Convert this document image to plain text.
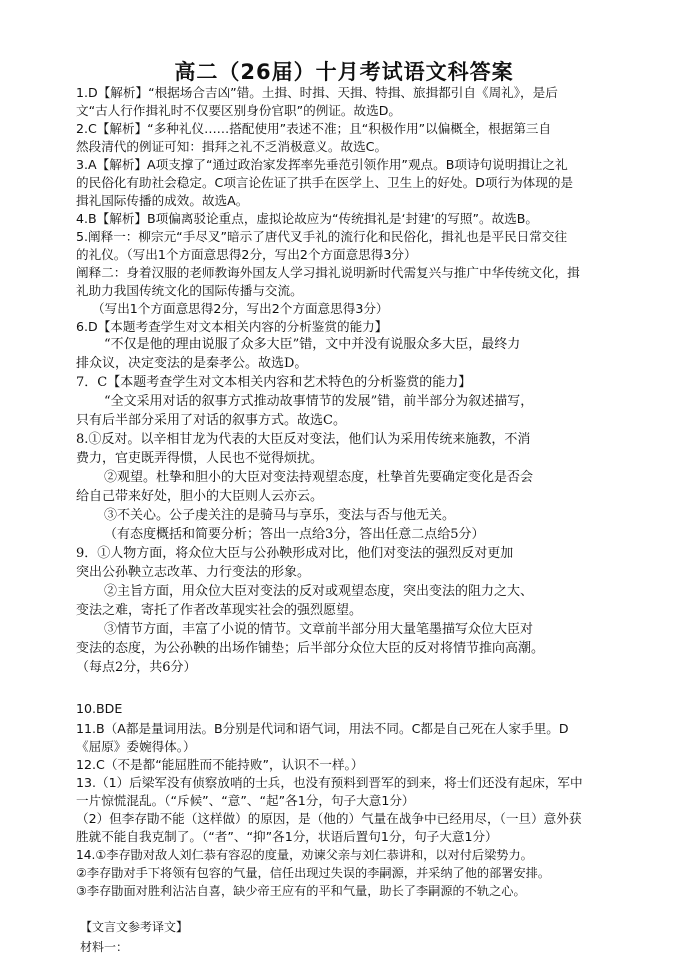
高二（26届）十月考试语文科答案
1.D【解析】“根据场合吉凶”错。土揖、时揖、天揖、特揖、旅揖都引自《周礼》，是后
文“古人行作揖礼时不仅要区别身份官职”的例证。故选D。
2.C【解析】“多种礼仪……搭配使用”表述不准；且“积极作用”以偏概全，根据第三自
然段清代的例证可知：揖拜之礼不乏消极意义。故选C。
3.A【解析】A项支撑了“通过政治家发挥率先垂范引领作用”观点。B项诗句说明揖让之礼
的民俗化有助社会稳定。C项言论佐证了拱手在医学上、卫生上的好处。D项行为体现的是
揖礼国际传播的成效。故选A。
4.B【解析】B项偏离驳论重点，虚拟论故应为“传统揖礼是‘封建’的写照”。故选B。
5.阐释一：柳宗元“手尽叉”暗示了唐代叉手礼的流行化和民俗化，揖礼也是平民日常交往
的礼仪。（写出1个方面意思得2分，写出2个方面意思得3分）
阐释二：身着汉服的老师教诲外国友人学习揖礼说明新时代需复兴与推广中华传统文化，揖
礼助力我国传统文化的国际传播与交流。
（写出1个方面意思得2分，写出2个方面意思得3分）
6.D【本题考查学生对文本相关内容的分析鉴赏的能力】
“不仅是他的理由说服了众多大臣”错，文中并没有说服众多大臣，最终力
排众议，决定变法的是秦孝公。故选D。
7．C【本题考查学生对文本相关内容和艺术特色的分析鉴赏的能力】
“全文采用对话的叙事方式推动故事情节的发展”错，前半部分为叙述描写，
只有后半部分采用了对话的叙事方式。故选C。
8.①反对。以辛相甘龙为代表的大臣反对变法，他们认为采用传统来施教，不消
费力，官吏既弄得惯，人民也不觉得烦扰。
②观望。杜挚和胆小的大臣对变法持观望态度，杜挚首先要确定变化是否会
给自己带来好处，胆小的大臣则人云亦云。
③不关心。公子虔关注的是骑马与享乐，变法与否与他无关。
（有态度概括和简要分析；答出一点给3分，答出任意二点给5分）
9．①人物方面，将众位大臣与公孙鞅形成对比，他们对变法的强烈反对更加
突出公孙鞅立志改革、力行变法的形象。
②主旨方面，用众位大臣对变法的反对或观望态度，突出变法的阻力之大、
变法之难，寄托了作者改革现实社会的强烈愿望。
③情节方面，丰富了小说的情节。文章前半部分用大量笔墨描写众位大臣对
变法的态度，为公孙鞅的出场作铺垫；后半部分众位大臣的反对将情节推向高潮。
（每点2分，共6分）
10.BDE
11.B（A都是量词用法。B分别是代词和语气词，用法不同。C都是自己死在人家手里。D
《屈原》委婉得体。）
12.C（不是都“能屈胜而不能持败”，认识不一样。）
13.（1）后梁军没有侦察放哨的士兵，也没有预料到晋军的到来，将士们还没有起床，军中
一片惊慌混乱。（“斥候”、“意”、“起”各1分，句子大意1分）
（2）但李存勖不能（这样做）的原因，是（他的）气量在战争中已经用尽，（一旦）意外获
胜就不能自我克制了。（“者”、“抑”各1分，状语后置句1分，句子大意1分）
14.①李存勖对敌人刘仁恭有容忍的度量，劝谏父亲与刘仁恭讲和，以对付后梁势力。
②李存勖对手下将领有包容的气量，信任出现过失误的李嗣源，并采纳了他的部署安排。
③李存勖面对胜利沾沾自喜，缺少帝王应有的平和气量，助长了李嗣源的不轨之心。
【文言文参考译文】
材料一：
